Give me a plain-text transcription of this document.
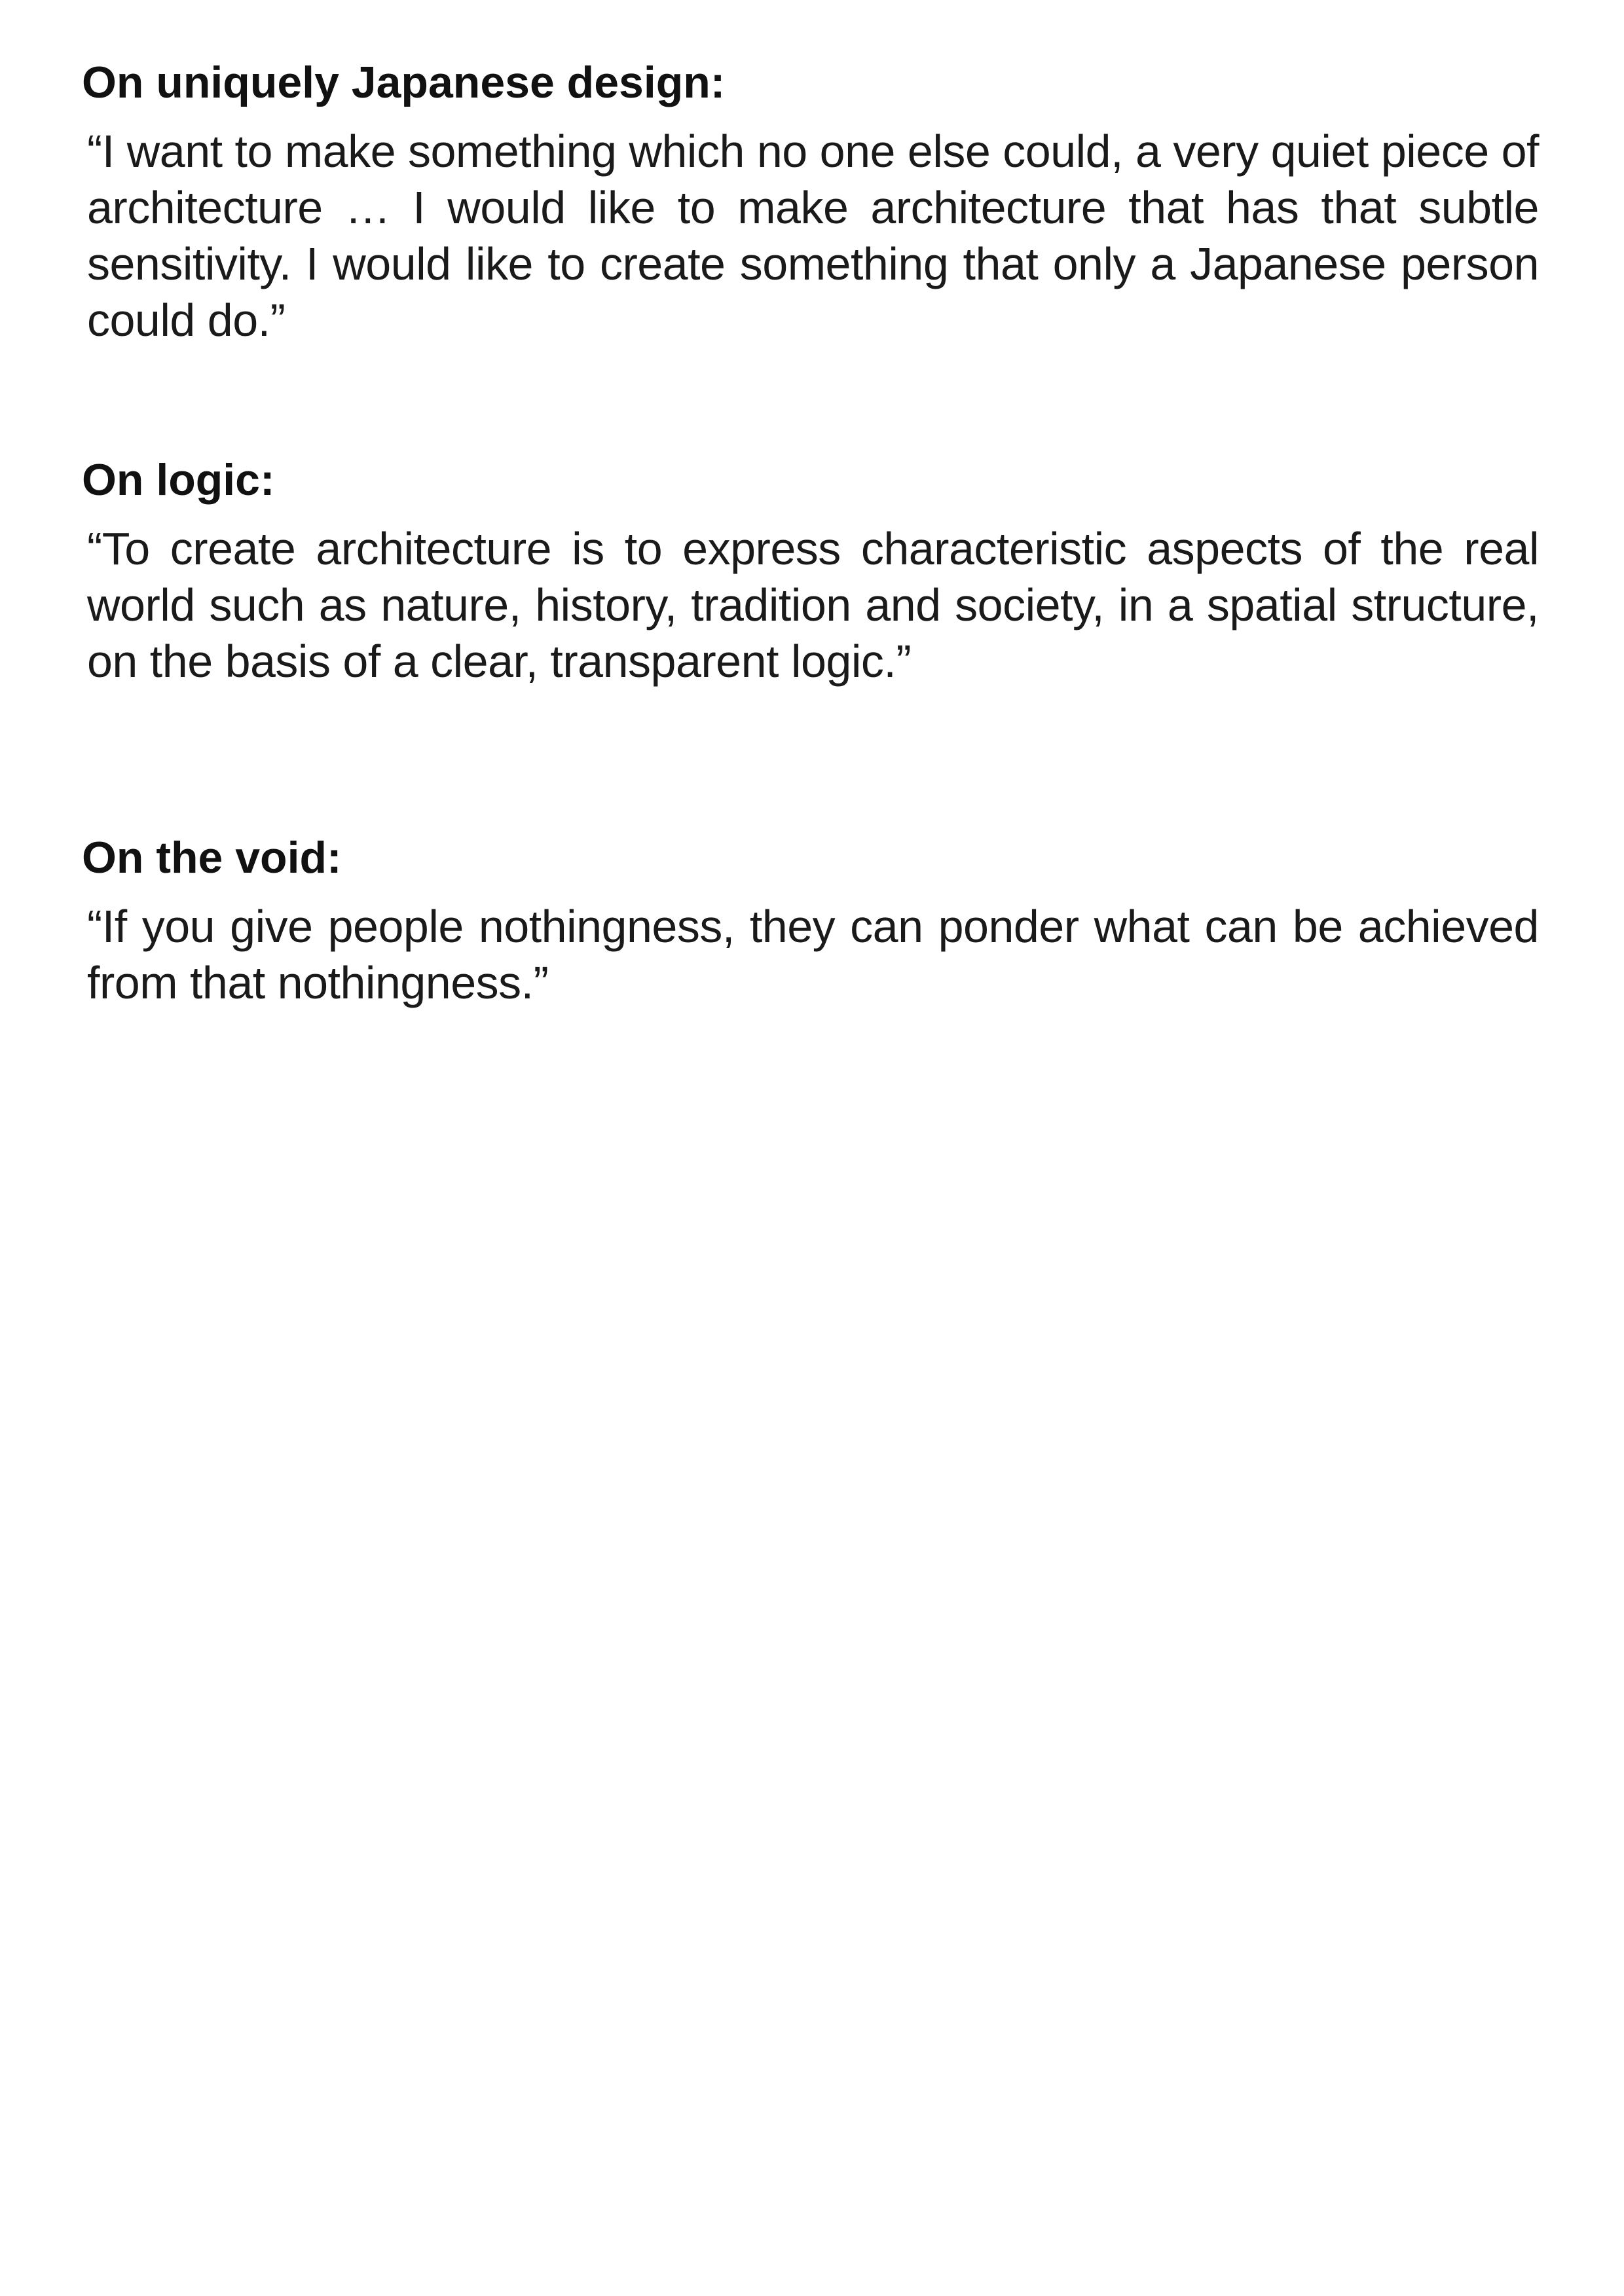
On uniquely Japanese design:

“I want to make something which no one else could, a very quiet piece of architecture … I would like to make architecture that has that subtle sensitivity. I would like to create something that only a Japanese person could do.”

On logic:

“To create architecture is to express characteristic aspects of the real world such as nature, history, tradition and society, in a spatial structure, on the basis of a clear, transparent logic.”

On the void:

“If you give people nothingness, they can ponder what can be achieved from that nothingness.”
